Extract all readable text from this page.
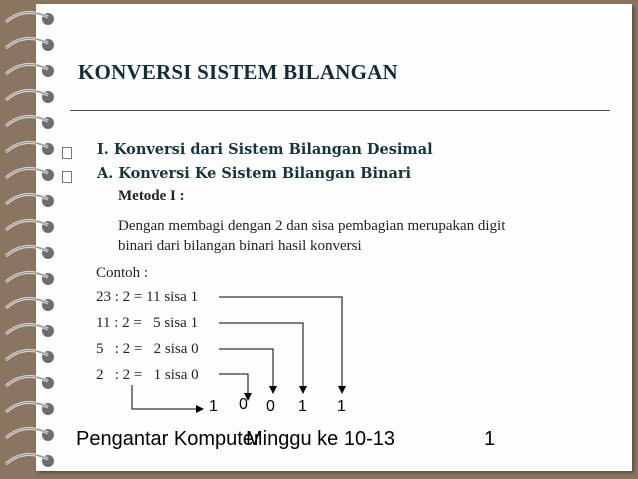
KONVERSI SISTEM BILANGAN
I. Konversi dari Sistem Bilangan Desimal
A. Konversi Ke Sistem Bilangan Binari
Metode I :
Dengan membagi dengan 2 dan sisa pembagian merupakan digit
binari dari bilangan binari hasil konversi
Contoh :
23 : 2 = 11 sisa 1
11 : 2 =   5 sisa 1
5   : 2 =   2 sisa 0
2   : 2 =   1 sisa 0
1 0 0 1 1
Pengantar Komputer
Minggu ke 10-13	1
